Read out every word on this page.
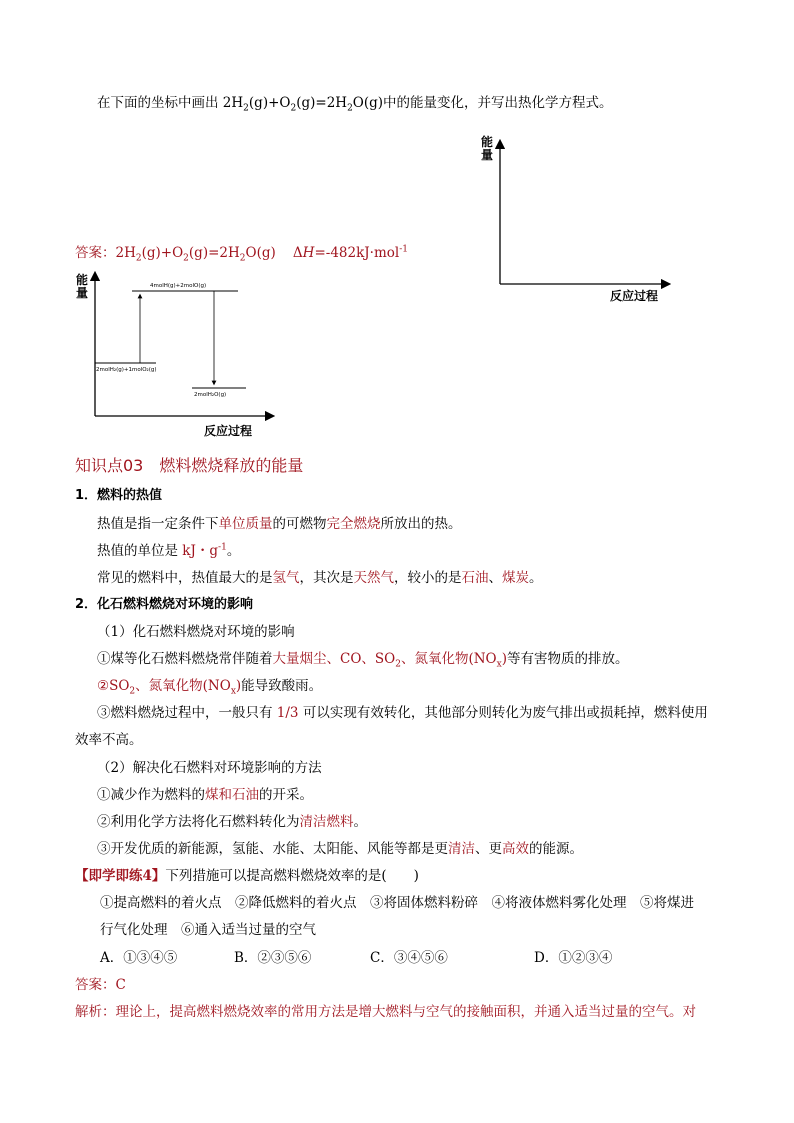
在下面的坐标中画出 $2H_2(g)+O_2(g)=2H_2O(g)$中的能量变化，并写出热化学方程式。
能
量
反应过程
答案：$2H_2(g)+O_2(g)=2H_2O(g)$ ΔH=-482kJ·mol$^{-1}$
能
量
反应过程
4molH(g)+2molO(g)
2molH₂(g)+1molO₂(g)
2molH₂O(g)
知识点03　燃料燃烧释放的能量
1．燃料的热值
热值是指一定条件下单位质量的可燃物完全燃烧所放出的热。
热值的单位是 kJ・$g^{-1}$。
常见的燃料中，热值最大的是氢气，其次是天然气，较小的是石油、煤炭。
2．化石燃料燃烧对环境的影响
（1）化石燃料燃烧对环境的影响
①煤等化石燃料燃烧常伴随着大量烟尘、CO、$SO_2$、氮氧化物$(NO_x)$等有害物质的排放。
$②SO_2$、氮氧化物$(NO_x)$能导致酸雨。
③燃料燃烧过程中，一般只有 1/3 可以实现有效转化，其他部分则转化为废气排出或损耗掉，燃料使用
效率不高。
（2）解决化石燃料对环境影响的方法
①减少作为燃料的煤和石油的开采。
②利用化学方法将化石燃料转化为清洁燃料。
③开发优质的新能源，氢能、水能、太阳能、风能等都是更清洁、更高效的能源。
【即学即练4】下列措施可以提高燃料燃烧效率的是(　　)
①提高燃料的着火点　②降低燃料的着火点　③将固体燃料粉碎　④将液体燃料雾化处理　⑤将煤进
行气化处理　⑥通入适当过量的空气
A．①③④⑤	B．②③⑤⑥	C．③④⑤⑥	D．①②③④
答案：C
解析：理论上，提高燃料燃烧效率的常用方法是增大燃料与空气的接触面积，并通入适当过量的空气。对
